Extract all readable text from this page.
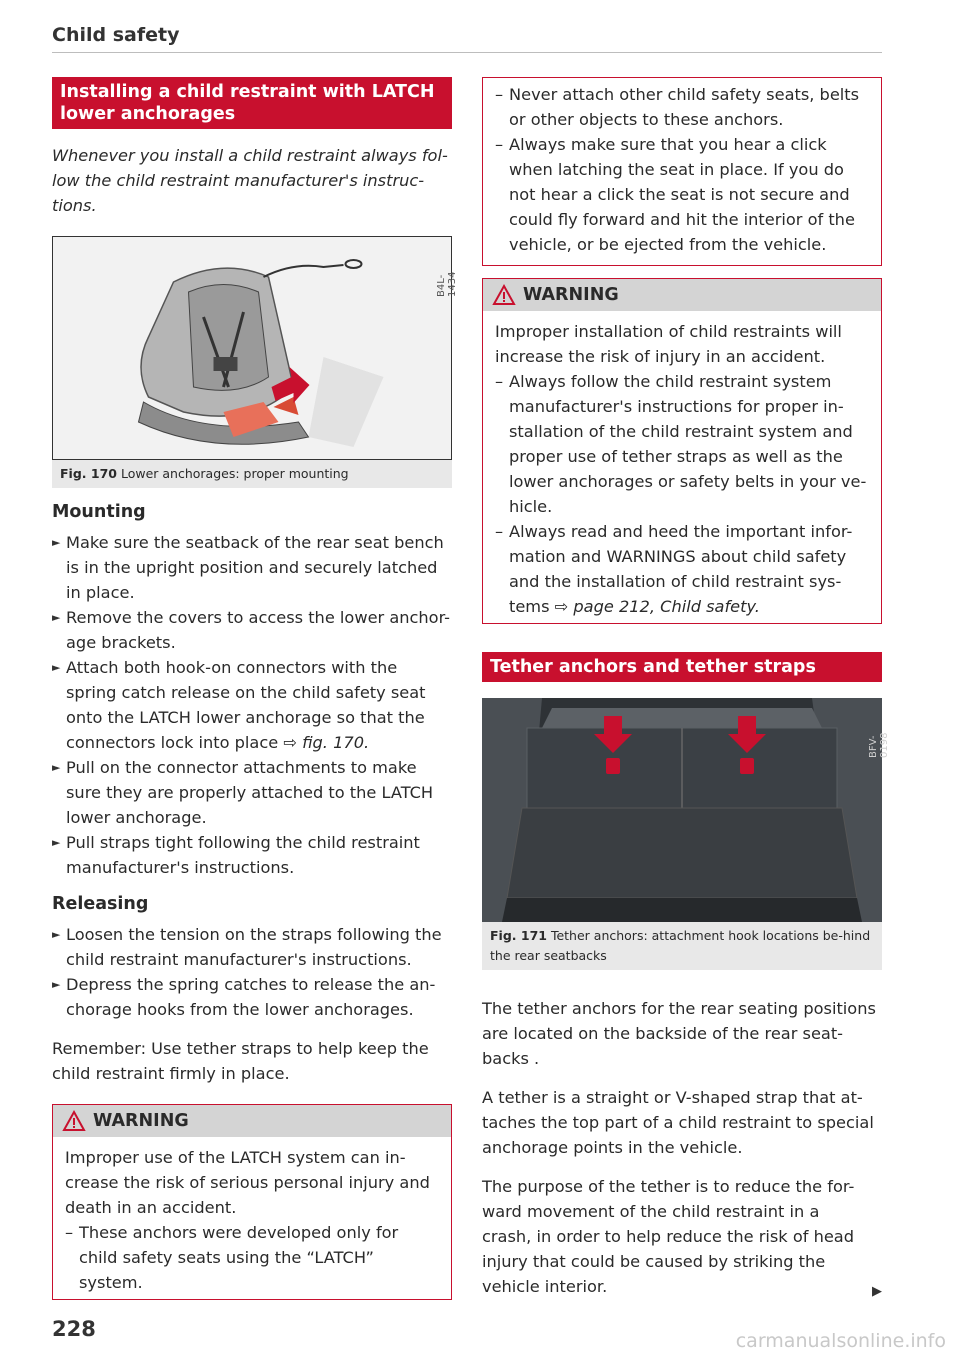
Child safety
Installing a child restraint with LATCH lower anchorages

Whenever you install a child restraint always fol-low the child restraint manufacturer's instruc-tions.

B4L-1434
Fig. 170 Lower anchorages: proper mounting
Mounting
► Make sure the seatback of the rear seat bench is in the upright position and securely latched in place.
► Remove the covers to access the lower anchor-age brackets.
► Attach both hook-on connectors with the spring catch release on the child safety seat onto the LATCH lower anchorage so that the connectors lock into place ⇨ fig. 170.
► Pull on the connector attachments to make sure they are properly attached to the LATCH lower anchorage.
► Pull straps tight following the child restraint manufacturer's instructions.
Releasing
► Loosen the tension on the straps following the child restraint manufacturer's instructions.
► Depress the spring catches to release the an-chorage hooks from the lower anchorages.

Remember: Use tether straps to help keep the child restraint firmly in place.

WARNING

Improper use of the LATCH system can in-crease the risk of serious personal injury and death in an accident.

– These anchors were developed only for child safety seats using the “LATCH” system.
– Never attach other child safety seats, belts or other objects to these anchors.
– Always make sure that you hear a click when latching the seat in place. If you do not hear a click the seat is not secure and could fly forward and hit the interior of the vehicle, or be ejected from the vehicle.
WARNING

Improper installation of child restraints will increase the risk of injury in an accident.

– Always follow the child restraint system manufacturer's instructions for proper in-stallation of the child restraint system and proper use of tether straps as well as the lower anchorages or safety belts in your ve-hicle.
– Always read and heed the important infor-mation and WARNINGS about child safety and the installation of child restraint sys-tems ⇨ page 212, Child safety.
Tether anchors and tether straps
BFV-0198
Fig. 171 Tether anchors: attachment hook locations be-hind the rear seatbacks

The tether anchors for the rear seating positions are located on the backside of the rear seat-backs .

A tether is a straight or V-shaped strap that at-taches the top part of a child restraint to special anchorage points in the vehicle.

The purpose of the tether is to reduce the for-ward movement of the child restraint in a crash, in order to help reduce the risk of head injury that could be caused by striking the vehicle interior.	▶
228	carmanualsonline.info
